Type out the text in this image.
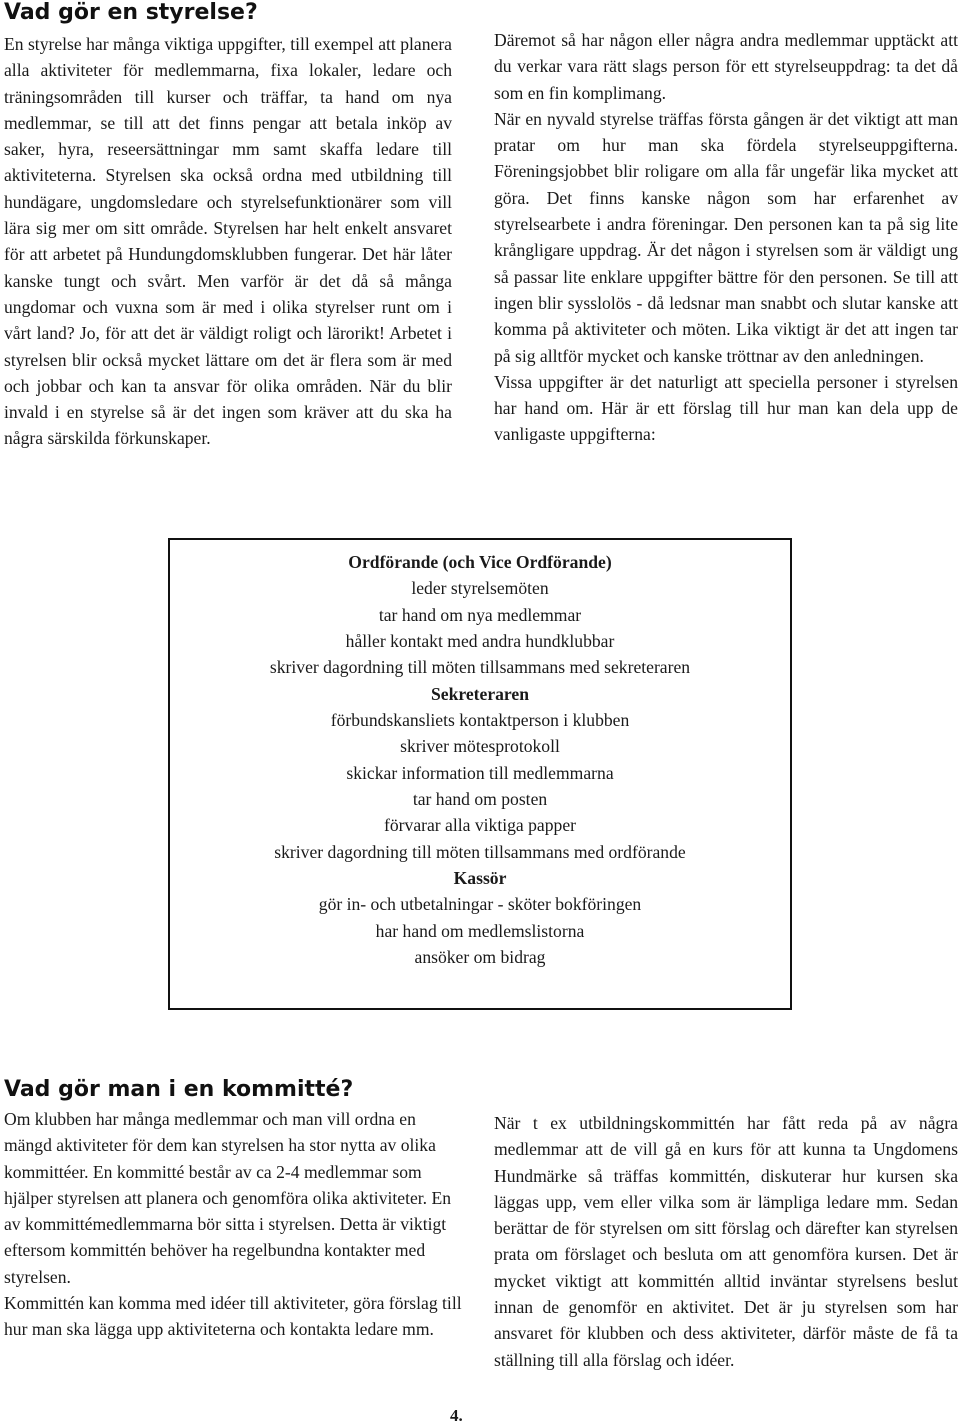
Vad gör en styrelse?

En styrelse har många viktiga uppgifter, till exempel att planera alla aktiviteter för medlemmarna, fixa lokaler, ledare och träningsområden till kurser och träffar, ta hand om nya medlemmar, se till att det finns pengar att betala inköp av saker, hyra, reseersättningar mm samt skaffa ledare till aktiviteterna. Styrelsen ska också ordna med utbildning till hundägare, ungdomsledare och styrelsefunktionärer som vill lära sig mer om sitt område. Styrelsen har helt enkelt ansvaret för att arbetet på Hundungdomsklubben fungerar. Det här låter kanske tungt och svårt. Men varför är det då så många ungdomar och vuxna som är med i olika styrelser runt om i vårt land? Jo, för att det är väldigt roligt och lärorikt! Arbetet i styrelsen blir också mycket lättare om det är flera som är med och jobbar och kan ta ansvar för olika områden. När du blir invald i en styrelse så är det ingen som kräver att du ska ha några särskilda förkunskaper.

Däremot så har någon eller några andra medlemmar upptäckt att du verkar vara rätt slags person för ett styrelseuppdrag: ta det då som en fin komplimang.

När en nyvald styrelse träffas första gången är det viktigt att man pratar om hur man ska fördela styrelseuppgifterna. Föreningsjobbet blir roligare om alla får ungefär lika mycket att göra. Det finns kanske någon som har erfarenhet av styrelsearbete i andra föreningar. Den personen kan ta på sig lite krångligare uppdrag. Är det någon i styrelsen som är väldigt ung så passar lite enklare uppgifter bättre för den personen. Se till att ingen blir sysslolös - då ledsnar man snabbt och slutar kanske att komma på aktiviteter och möten. Lika viktigt är det att ingen tar på sig alltför mycket och kanske tröttnar av den anledningen.

Vissa uppgifter är det naturligt att speciella personer i styrelsen har hand om. Här är ett förslag till hur man kan dela upp de vanligaste uppgifterna:

Ordförande (och Vice Ordförande)
leder styrelsemöten
tar hand om nya medlemmar
håller kontakt med andra hundklubbar
skriver dagordning till möten tillsammans med sekreteraren
Sekreteraren
förbundskansliets kontaktperson i klubben
skriver mötesprotokoll
skickar information till medlemmarna
tar hand om posten
förvarar alla viktiga papper
skriver dagordning till möten tillsammans med ordförande
Kassör
gör in- och utbetalningar - sköter bokföringen
har hand om medlemslistorna
ansöker om bidrag
Vad gör man i en kommitté?

Om klubben har många medlemmar och man vill ordna en mängd aktiviteter för dem kan styrelsen ha stor nytta av olika kommittéer. En kommitté består av ca 2-4 medlemmar som hjälper styrelsen att planera och genomföra olika aktiviteter. En av kommittémedlemmarna bör sitta i styrelsen. Detta är viktigt eftersom kommittén behöver ha regelbundna kontakter med styrelsen.

Kommittén kan komma med idéer till aktiviteter, göra förslag till hur man ska lägga upp aktiviteterna och kontakta ledare mm.

När t ex utbildningskommittén har fått reda på av några medlemmar att de vill gå en kurs för att kunna ta Ungdomens Hundmärke så träffas kommittén, diskuterar hur kursen ska läggas upp, vem eller vilka som är lämpliga ledare mm. Sedan berättar de för styrelsen om sitt förslag och därefter kan styrelsen prata om förslaget och besluta om att genomföra kursen. Det är mycket viktigt att kommittén alltid inväntar styrelsens beslut innan de genomför en aktivitet. Det är ju styrelsen som har ansvaret för klubben och dess aktiviteter, därför måste de få ta ställning till alla förslag och idéer.

4.
